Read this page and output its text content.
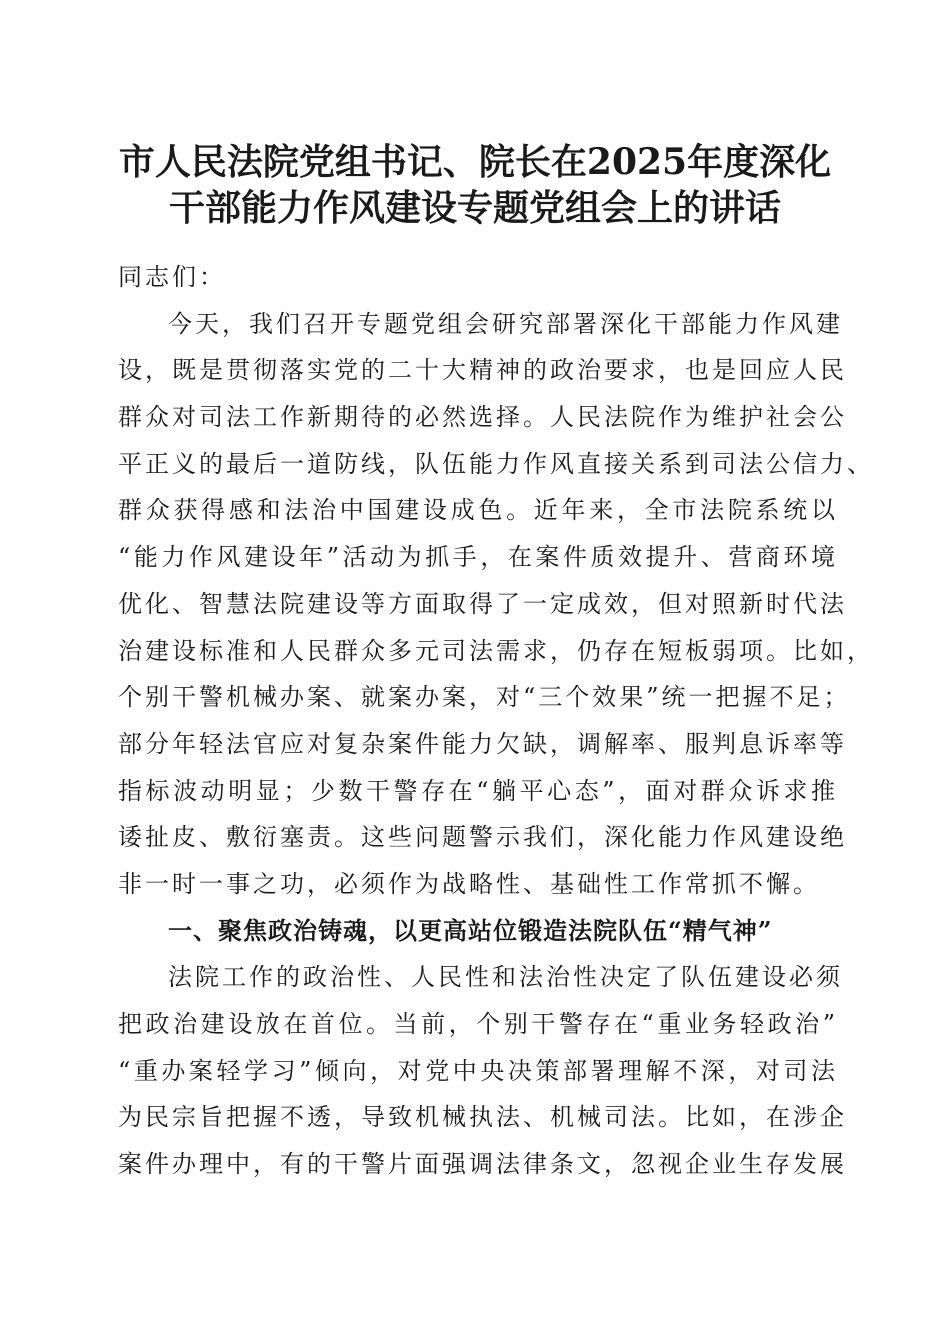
市人民法院党组书记、院长在2025年度深化
干部能力作风建设专题党组会上的讲话
同志们：
今天，我们召开专题党组会研究部署深化干部能力作风建
设，既是贯彻落实党的二十大精神的政治要求，也是回应人民
群众对司法工作新期待的必然选择。人民法院作为维护社会公
平正义的最后一道防线，队伍能力作风直接关系到司法公信力、
群众获得感和法治中国建设成色。近年来，全市法院系统以
“能力作风建设年”活动为抓手，在案件质效提升、营商环境
优化、智慧法院建设等方面取得了一定成效，但对照新时代法
治建设标准和人民群众多元司法需求，仍存在短板弱项。比如，
个别干警机械办案、就案办案，对“三个效果”统一把握不足；
部分年轻法官应对复杂案件能力欠缺，调解率、服判息诉率等
指标波动明显；少数干警存在“躺平心态”，面对群众诉求推
诿扯皮、敷衍塞责。这些问题警示我们，深化能力作风建设绝
非一时一事之功，必须作为战略性、基础性工作常抓不懈。
一、聚焦政治铸魂，以更高站位锻造法院队伍“精气神”
法院工作的政治性、人民性和法治性决定了队伍建设必须
把政治建设放在首位。当前，个别干警存在“重业务轻政治”
“重办案轻学习”倾向，对党中央决策部署理解不深，对司法
为民宗旨把握不透，导致机械执法、机械司法。比如，在涉企
案件办理中，有的干警片面强调法律条文，忽视企业生存发展
